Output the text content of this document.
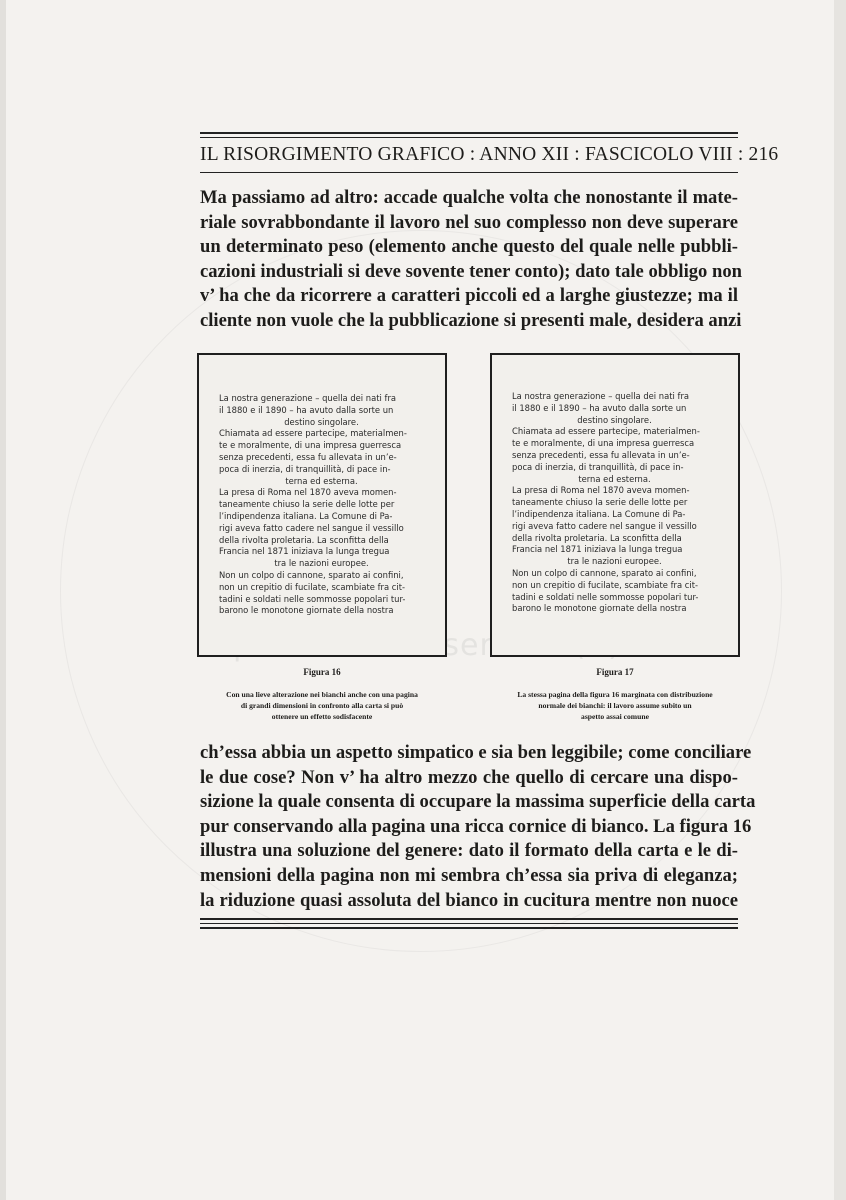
IL RISORGIMENTO GRAFICO : ANNO XII : FASCICOLO VIII : 216
Ma passiamo ad altro: accade qualche volta che nonostante il mate-
riale sovrabbondante il lavoro nel suo complesso non deve superare
un determinato peso (elemento anche questo del quale nelle pubbli-
cazioni industriali si deve sovente tener conto); dato tale obbligo non
v’ ha che da ricorrere a caratteri piccoli ed a larghe giustezze; ma il
cliente non vuole che la pubblicazione si presenti male, desidera anzi
La nostra generazione – quella dei nati fra
il 1880 e il 1890 – ha avuto dalla sorte un
destino singolare.
Chiamata ad essere partecipe, materialmen-
te e moralmente, di una impresa guerresca
senza precedenti, essa fu allevata in un’e-
poca di inerzia, di tranquillità, di pace in-
terna ed esterna.
La presa di Roma nel 1870 aveva momen-
taneamente chiuso la serie delle lotte per
l’indipendenza italiana. La Comune di Pa-
rigi aveva fatto cadere nel sangue il vessillo
della rivolta proletaria. La sconfitta della
Francia nel 1871 iniziava la lunga tregua
tra le nazioni europee.
Non un colpo di cannone, sparato ai confini,
non un crepitio di fucilate, scambiate fra cit-
tadini e soldati nelle sommosse popolari tur-
barono le monotone giornate della nostra
Figura 16
Con una lieve alterazione nei bianchi anche con una pagina
di grandi dimensioni in confronto alla carta si può
ottenere un effetto sodisfacente
La nostra generazione – quella dei nati fra
il 1880 e il 1890 – ha avuto dalla sorte un
destino singolare.
Chiamata ad essere partecipe, materialmen-
te e moralmente, di una impresa guerresca
senza precedenti, essa fu allevata in un’e-
poca di inerzia, di tranquillità, di pace in-
terna ed esterna.
La presa di Roma nel 1870 aveva momen-
taneamente chiuso la serie delle lotte per
l’indipendenza italiana. La Comune di Pa-
rigi aveva fatto cadere nel sangue il vessillo
della rivolta proletaria. La sconfitta della
Francia nel 1871 iniziava la lunga tregua
tra le nazioni europee.
Non un colpo di cannone, sparato ai confini,
non un crepitio di fucilate, scambiate fra cit-
tadini e soldati nelle sommosse popolari tur-
barono le monotone giornate della nostra
Figura 17
La stessa pagina della figura 16 marginata con distribuzione
normale dei bianchi: il lavoro assume subito un
aspetto assai comune
ch’essa abbia un aspetto simpatico e sia ben leggibile; come conciliare
le due cose? Non v’ ha altro mezzo che quello di cercare una dispo-
sizione la quale consenta di occupare la massima superficie della carta
pur conservando alla pagina una ricca cornice di bianco. La figura 16
illustra una soluzione del genere: dato il formato della carta e le di-
mensioni della pagina non mi sembra ch’essa sia priva di eleganza;
la riduzione quasi assoluta del bianco in cucitura mentre non nuoce
